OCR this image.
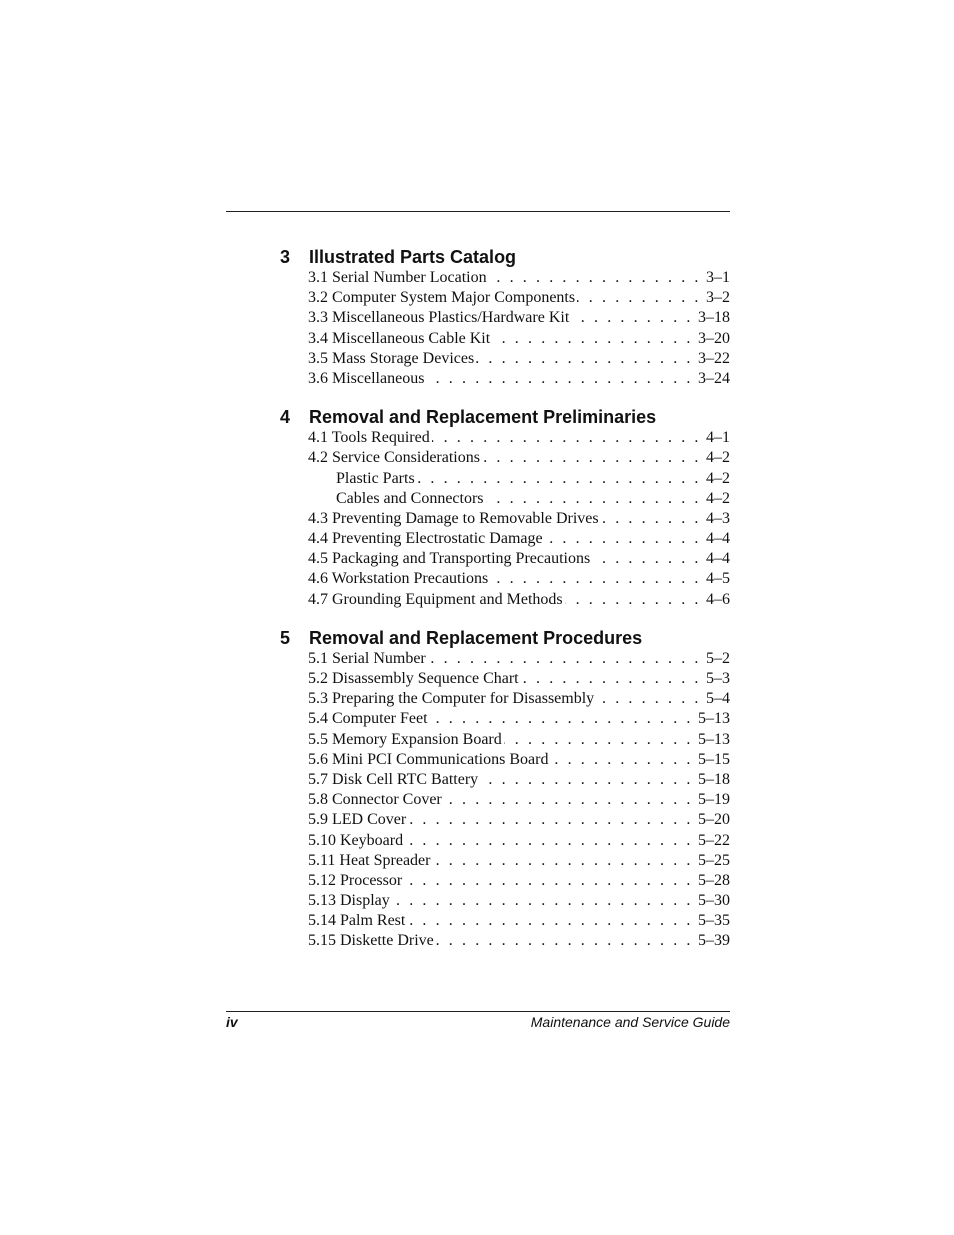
3	Illustrated Parts Catalog
3.1 Serial Number Location . . .	3–1
3.2 Computer System Major Components . . .	3–2
3.3 Miscellaneous Plastics/Hardware Kit . . .	3–18
3.4 Miscellaneous Cable Kit . . .	3–20
3.5 Mass Storage Devices . . .	3–22
3.6 Miscellaneous . . .	3–24
4	Removal and Replacement Preliminaries
4.1 Tools Required . . .	4–1
4.2 Service Considerations . . .	4–2
Plastic Parts . . .	4–2
Cables and Connectors . . .	4–2
4.3 Preventing Damage to Removable Drives . . .	4–3
4.4 Preventing Electrostatic Damage . . .	4–4
4.5 Packaging and Transporting Precautions . . .	4–4
4.6 Workstation Precautions . . .	4–5
4.7 Grounding Equipment and Methods . . .	4–6
5	Removal and Replacement Procedures
5.1 Serial Number . . .	5–2
5.2 Disassembly Sequence Chart . . .	5–3
5.3 Preparing the Computer for Disassembly . . .	5–4
5.4 Computer Feet . . .	5–13
5.5 Memory Expansion Board . . .	5–13
5.6 Mini PCI Communications Board . . .	5–15
5.7 Disk Cell RTC Battery . . .	5–18
5.8 Connector Cover . . .	5–19
5.9 LED Cover . . .	5–20
5.10 Keyboard . . .	5–22
5.11 Heat Spreader . . .	5–25
5.12 Processor . . .	5–28
5.13 Display . . .	5–30
5.14 Palm Rest . . .	5–35
5.15 Diskette Drive . . .	5–39
iv	Maintenance and Service Guide
